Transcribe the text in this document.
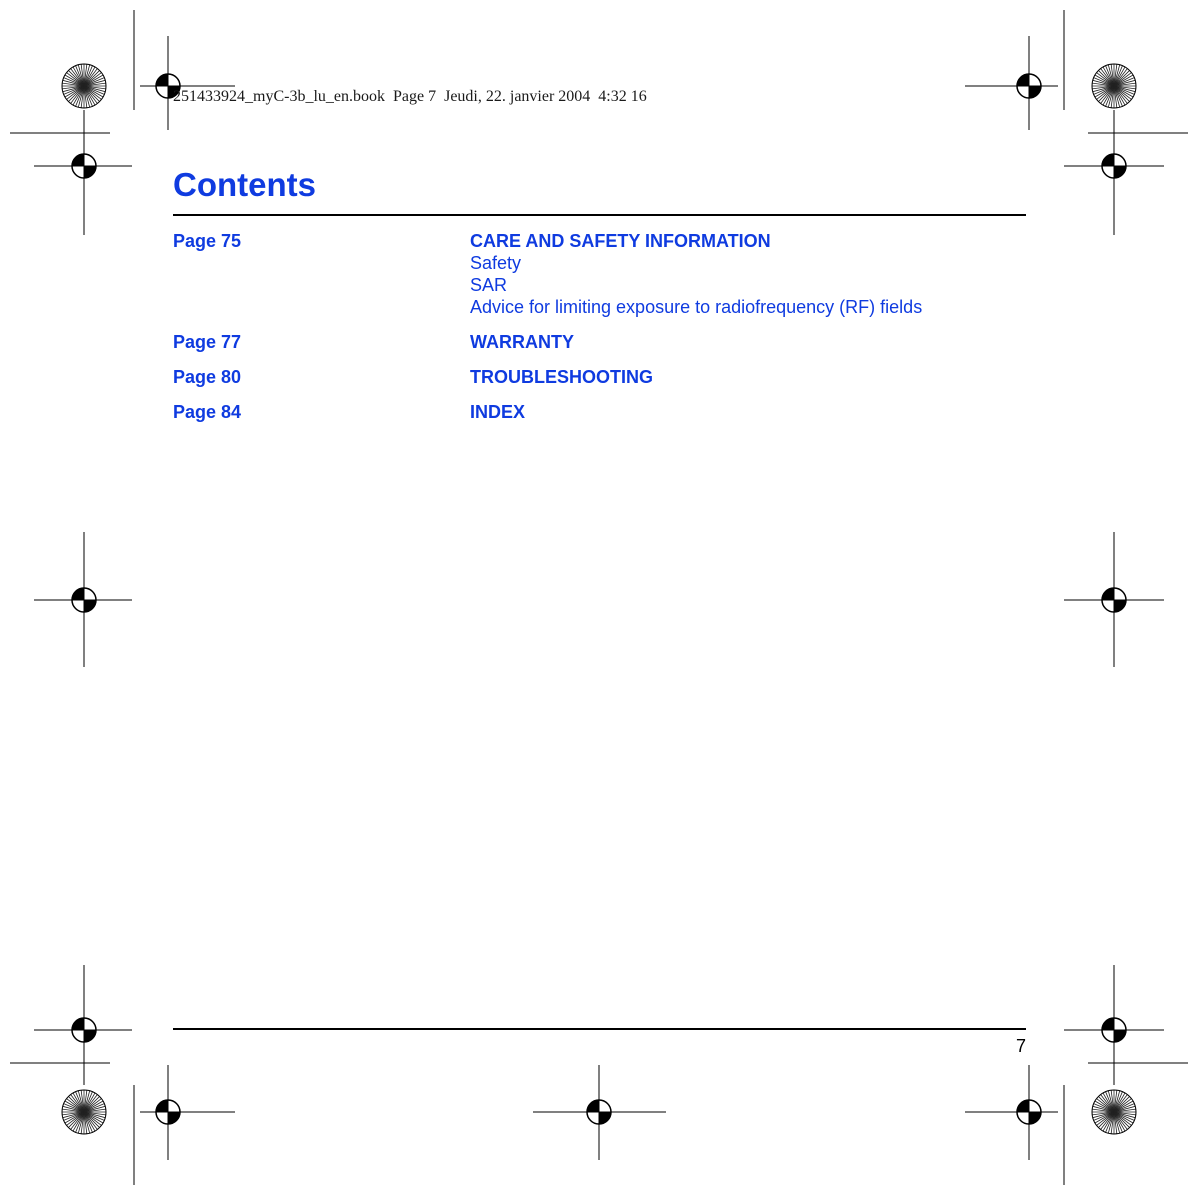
251433924_myC-3b_lu_en.book  Page 7  Jeudi, 22. janvier 2004  4:32 16
Contents
Page 75	CARE AND SAFETY INFORMATION
Safety
SAR
Advice for limiting exposure to radiofrequency (RF) fields
Page 77	WARRANTY
Page 80	TROUBLESHOOTING
Page 84	INDEX
7
